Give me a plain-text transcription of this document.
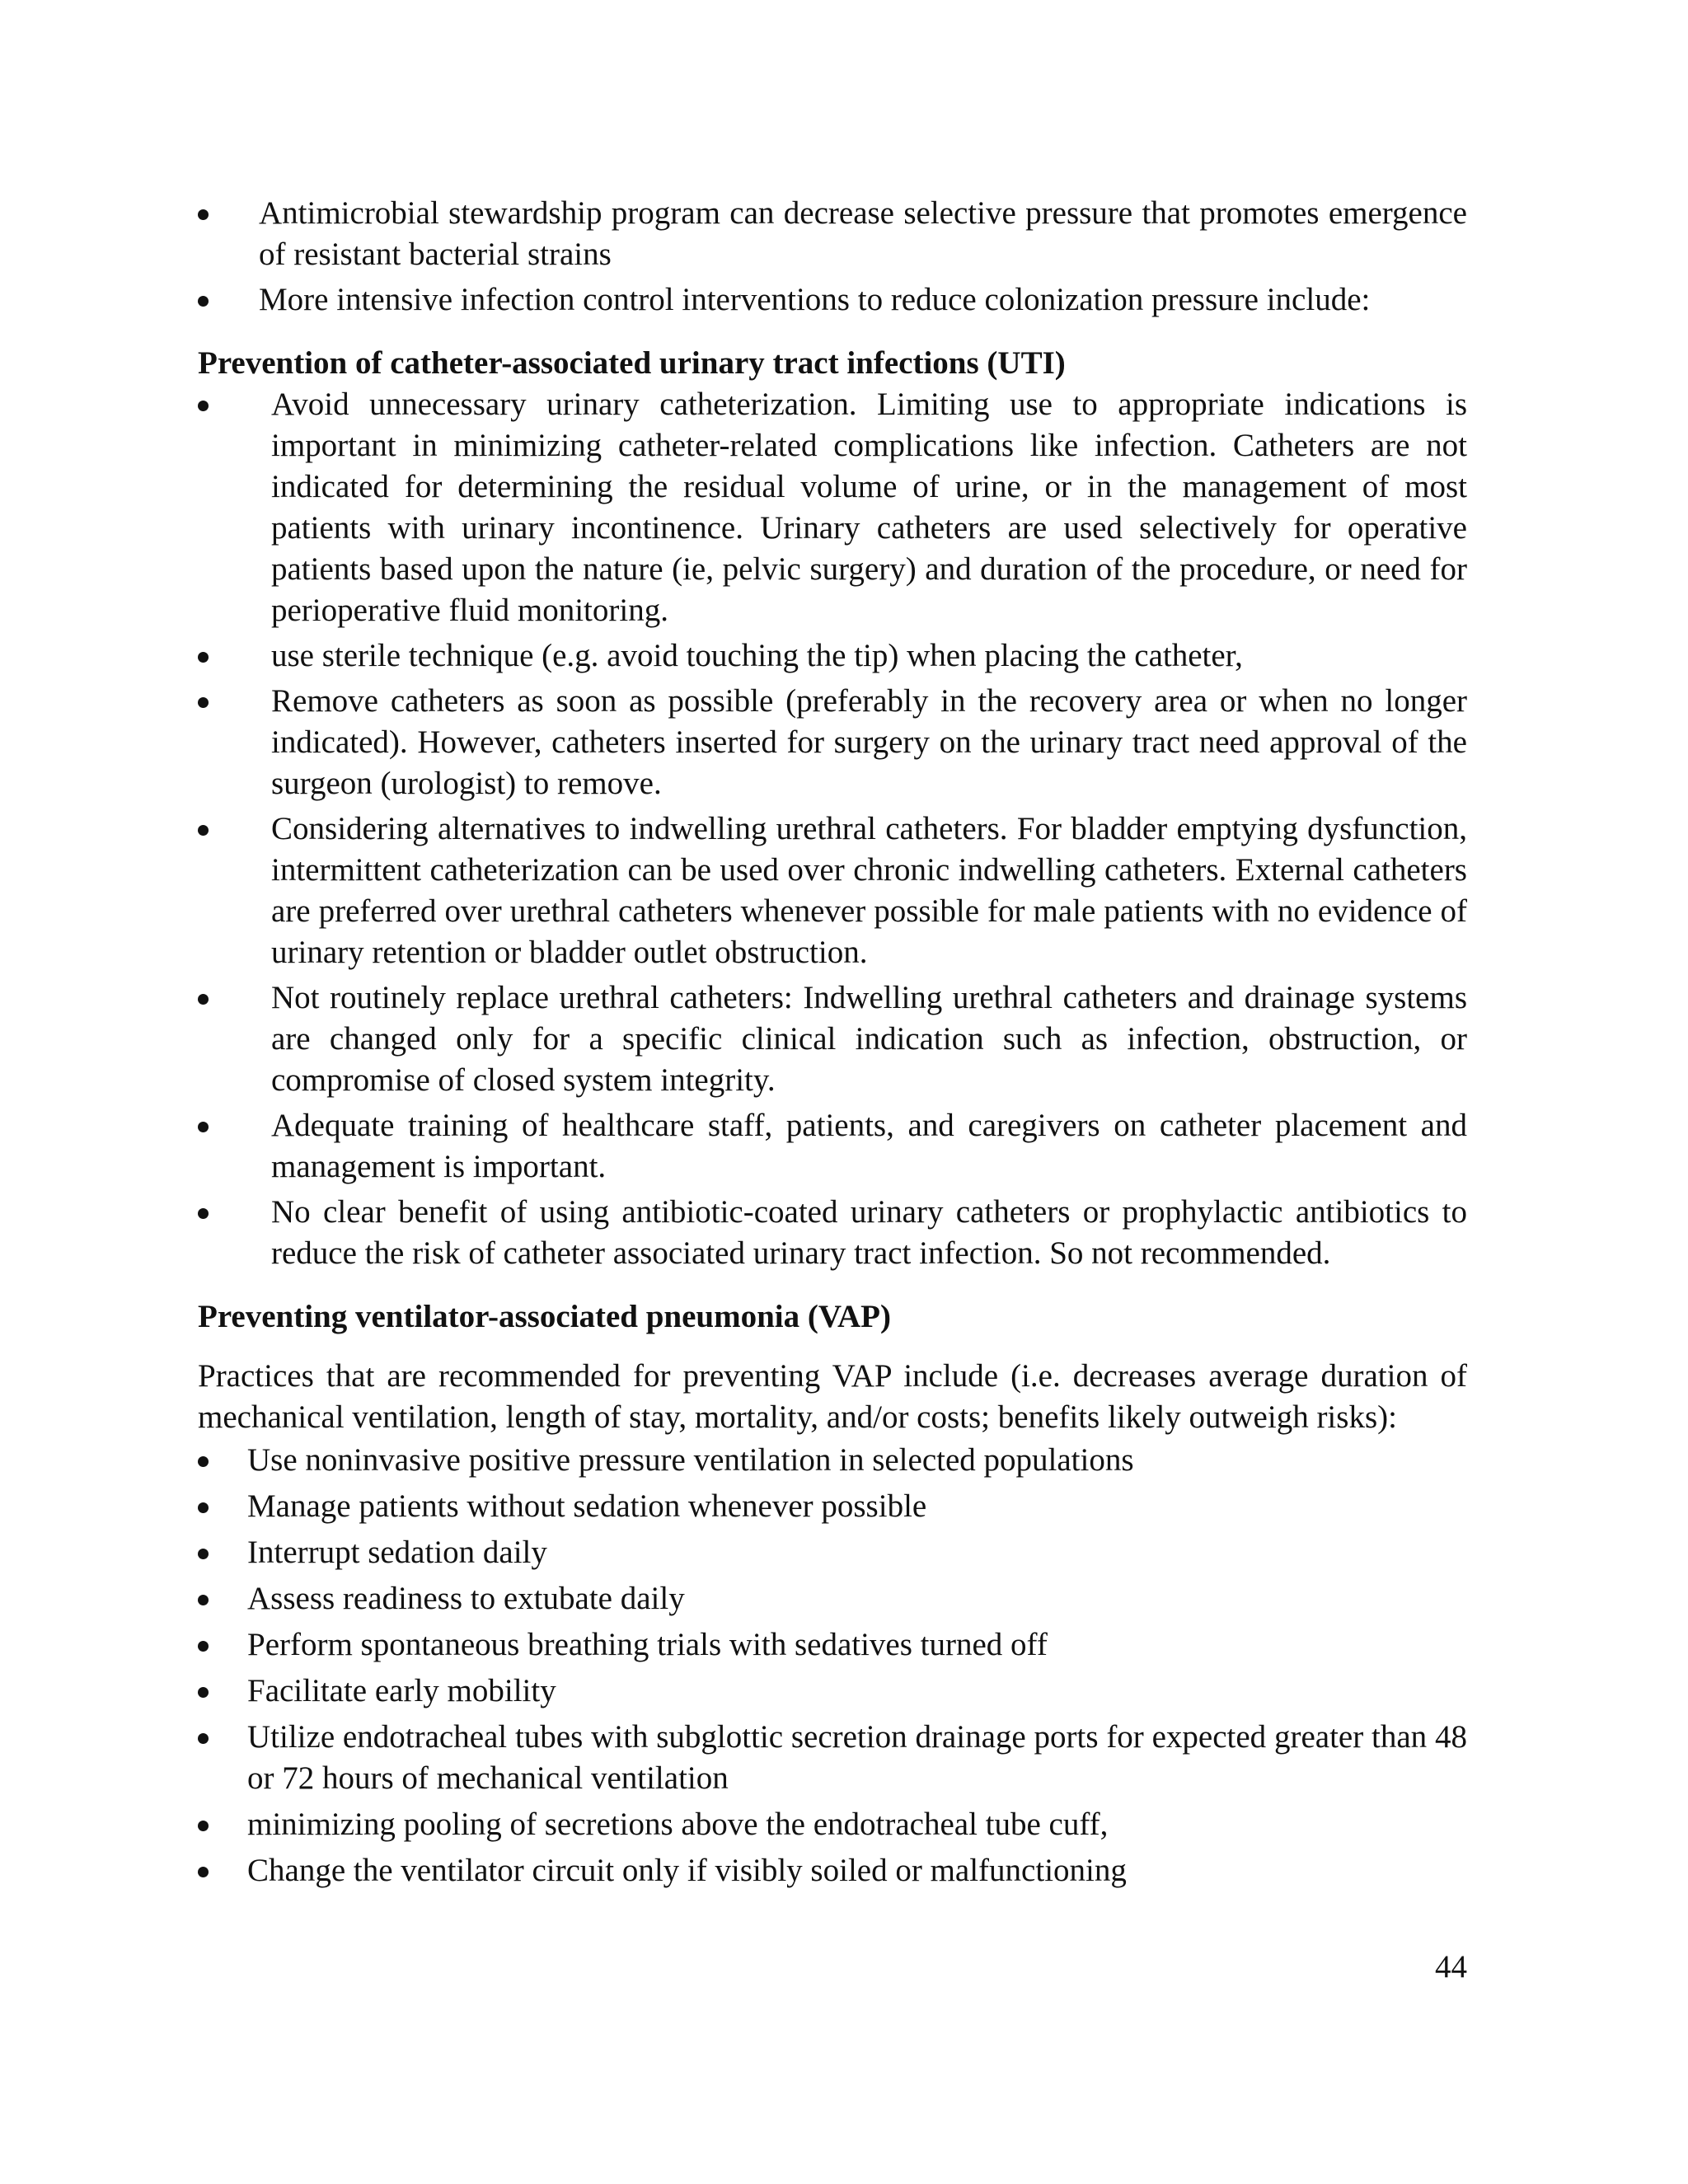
Antimicrobial stewardship program can decrease selective pressure that promotes emergence of resistant bacterial strains
More intensive infection control interventions to reduce colonization pressure include:

Prevention of catheter-associated urinary tract infections (UTI)

Avoid unnecessary urinary catheterization. Limiting use to appropriate indications is important in minimizing catheter-related complications like infection. Catheters are not indicated for determining the residual volume of urine, or in the management of most patients with urinary incontinence. Urinary catheters are used selectively for operative patients based upon the nature (ie, pelvic surgery) and duration of the procedure, or need for perioperative fluid monitoring.
use sterile technique (e.g. avoid touching the tip) when placing the catheter,
Remove catheters as soon as possible (preferably in the recovery area or when no longer indicated). However, catheters inserted for surgery on the urinary tract need approval of the surgeon (urologist) to remove.
Considering alternatives to indwelling urethral catheters. For bladder emptying dysfunction, intermittent catheterization can be used over chronic indwelling catheters. External catheters are preferred over urethral catheters whenever possible for male patients with no evidence of urinary retention or bladder outlet obstruction.
Not routinely replace urethral catheters: Indwelling urethral catheters and drainage systems are changed only for a specific clinical indication such as infection, obstruction, or compromise of closed system integrity.
Adequate training of healthcare staff, patients, and caregivers on catheter placement and management is important.
No clear benefit of using antibiotic-coated urinary catheters or prophylactic antibiotics to reduce the risk of catheter associated urinary tract infection. So not recommended.

Preventing ventilator-associated pneumonia (VAP)

Practices that are recommended for preventing VAP include (i.e. decreases average duration of mechanical ventilation, length of stay, mortality, and/or costs; benefits likely outweigh risks):

Use noninvasive positive pressure ventilation in selected populations
Manage patients without sedation whenever possible
Interrupt sedation daily
Assess readiness to extubate daily
Perform spontaneous breathing trials with sedatives turned off
Facilitate early mobility
Utilize endotracheal tubes with subglottic secretion drainage ports for expected greater than 48 or 72 hours of mechanical ventilation
minimizing pooling of secretions above the endotracheal tube cuff,
Change the ventilator circuit only if visibly soiled or malfunctioning
44
